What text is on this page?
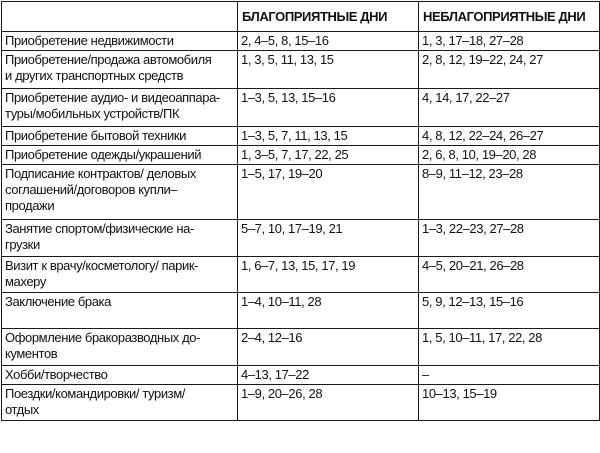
	БЛАГОПРИЯТНЫЕ ДНИ	НЕБЛАГОПРИЯТНЫЕ ДНИ

Приобретение недвижимости	2, 4–5, 8, 15–16	1, 3, 17–18, 27–28

Приобретение/продажа автомобиля
и других транспортных средств	1, 3, 5, 11, 13, 15	2, 8, 12, 19–22, 24, 27

Приобретение аудио- и видеоаппара-
туры/мобильных устройств/ПК	1–3, 5, 13, 15–16	4, 14, 17, 22–27

Приобретение бытовой техники	1–3, 5, 7, 11, 13, 15	4, 8, 12, 22–24, 26–27

Приобретение одежды/украшений	1, 3–5, 7, 17, 22, 25	2, 6, 8, 10, 19–20, 28

Подписание контрактов/ деловых
соглашений/договоров купли–
продажи	1–5, 17, 19–20	8–9, 11–12, 23–28

Занятие спортом/физические на-
грузки	5–7, 10, 17–19, 21	1–3, 22–23, 27–28

Визит к врачу/косметологу/ парик-
махеру	1, 6–7, 13, 15, 17, 19	4–5, 20–21, 26–28

Заключение брака	1–4, 10–11, 28	5, 9, 12–13, 15–16

Оформление бракоразводных до-
кументов	2–4, 12–16	1, 5, 10–11, 17, 22, 28

Хобби/творчество	4–13, 17–22	–

Поездки/командировки/ туризм/
отдых	1–9, 20–26, 28	10–13, 15–19
